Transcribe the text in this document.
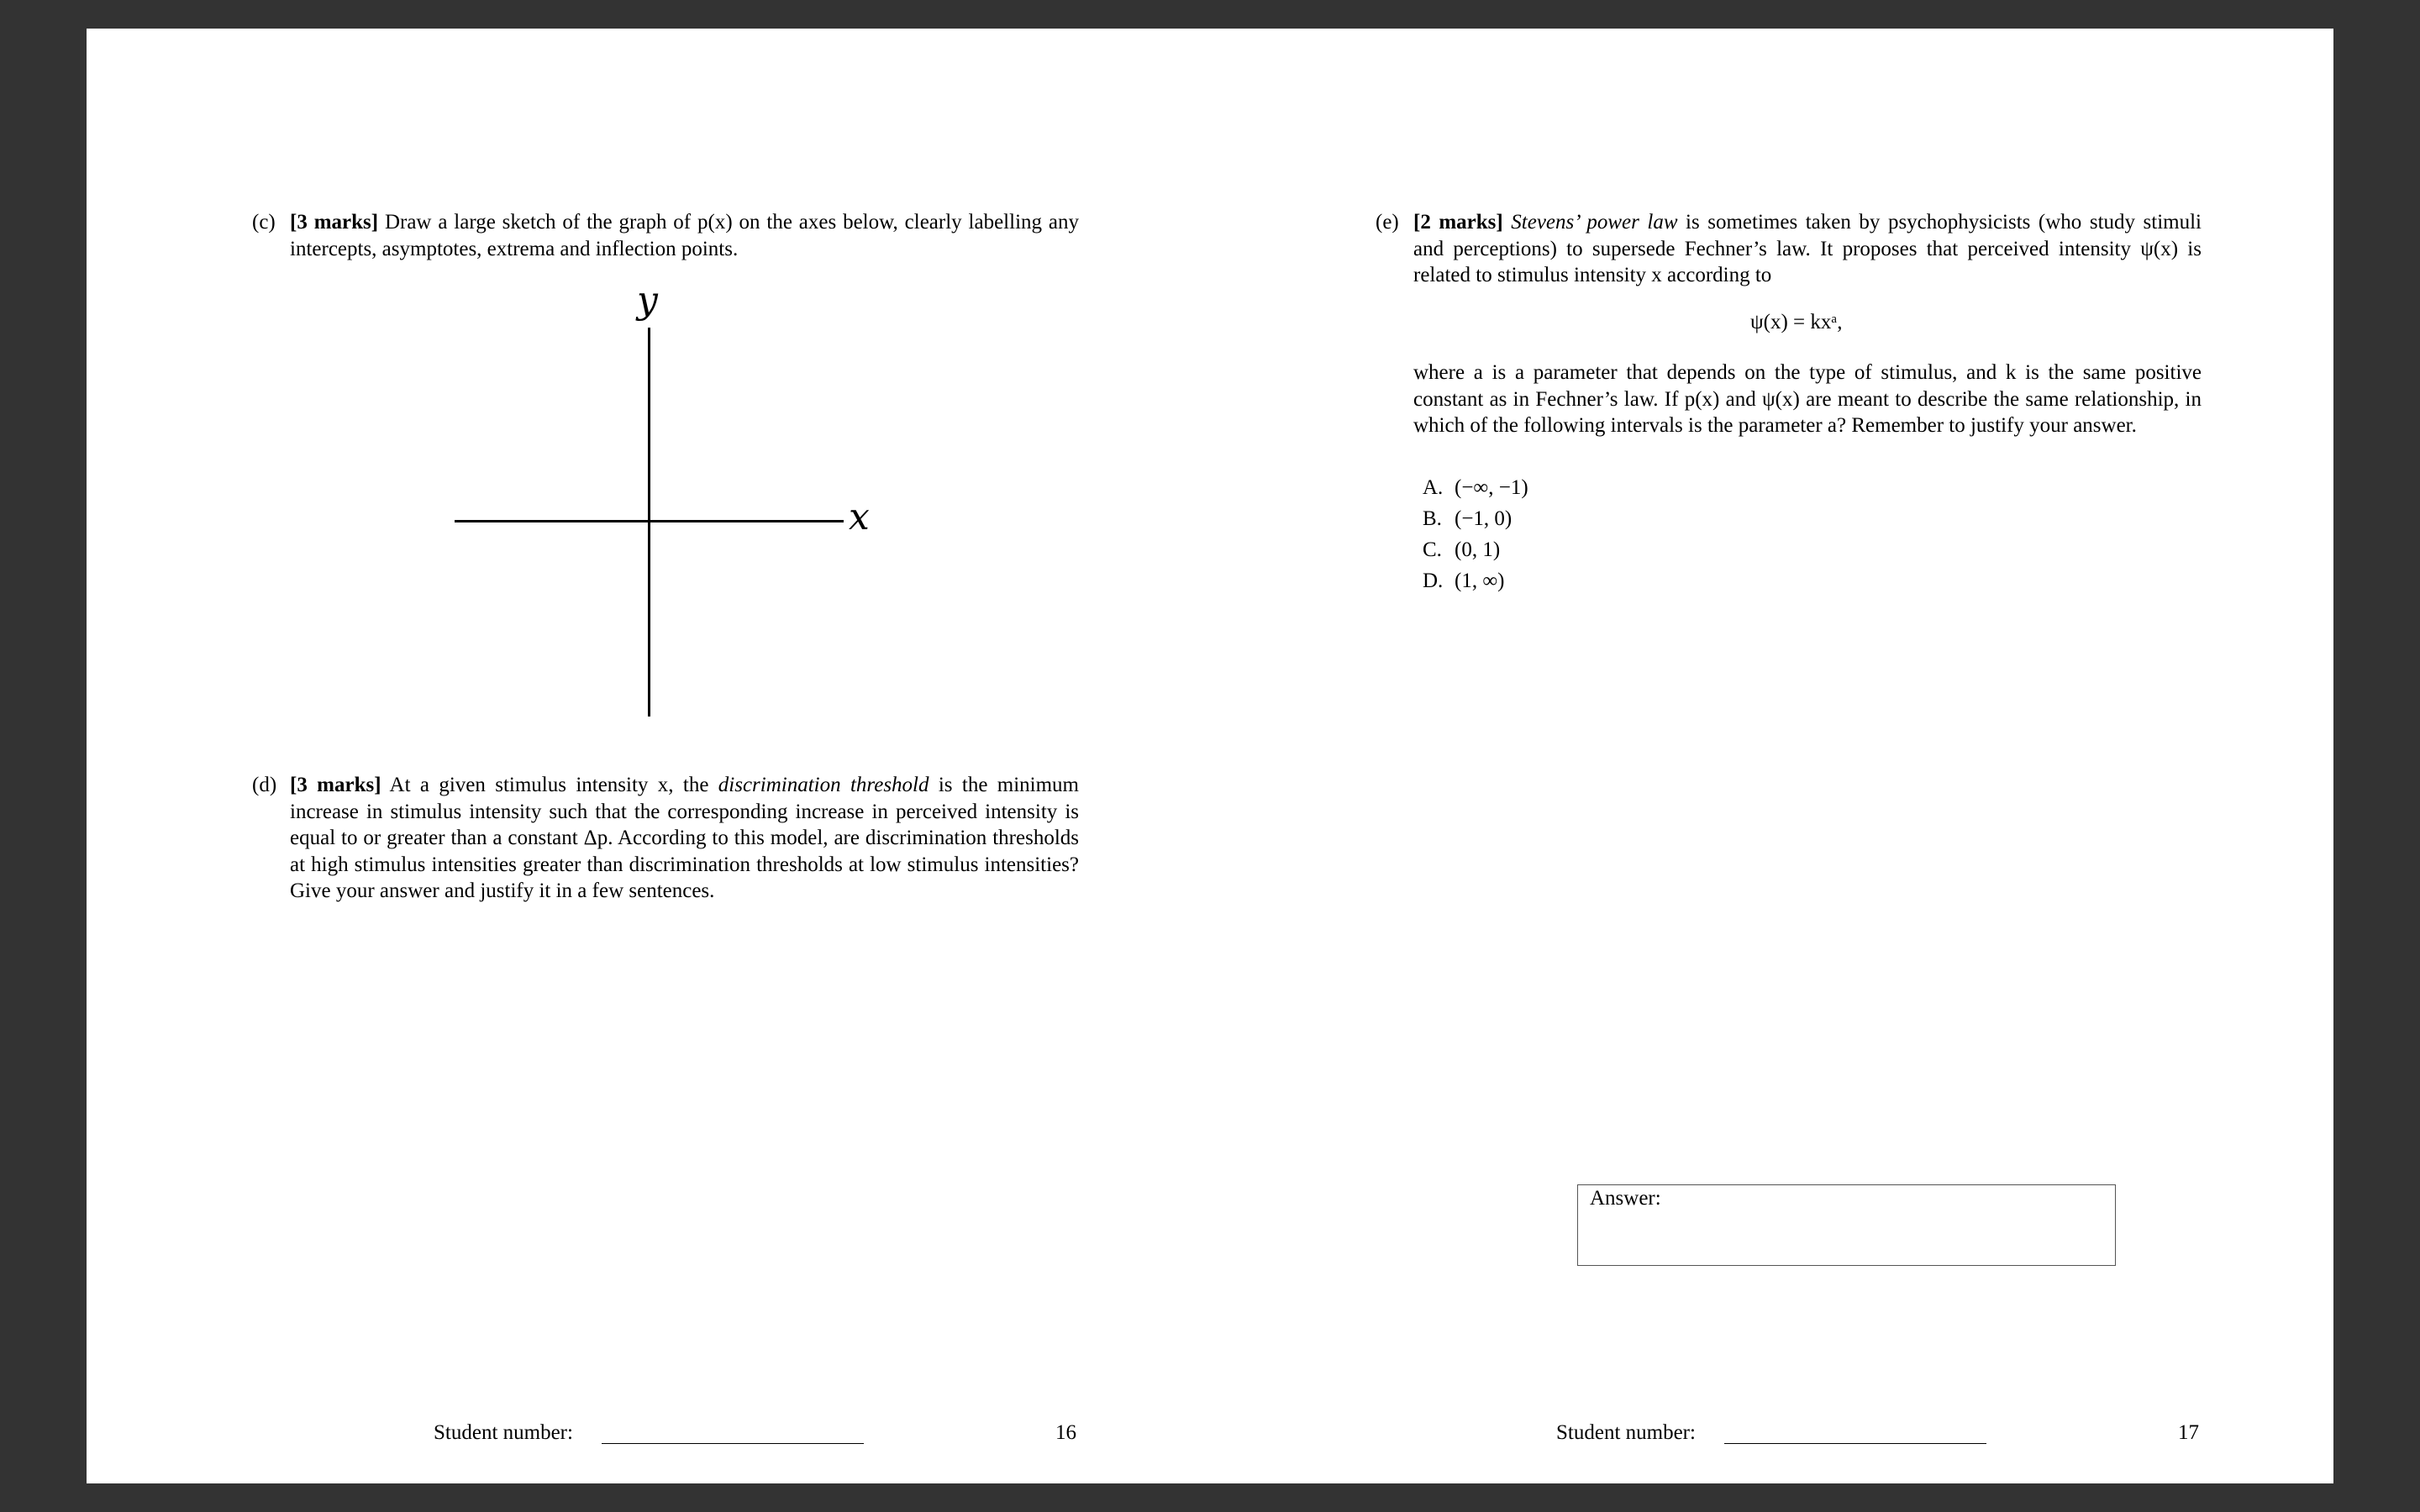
(c) [3 marks] Draw a large sketch of the graph of p(x) on the axes below, clearly labelling any intercepts, asymptotes, extrema and inflection points.
y
x
(d) [3 marks] At a given stimulus intensity x, the discrimination threshold is the minimum increase in stimulus intensity such that the corresponding increase in perceived intensity is equal to or greater than a constant Δp. According to this model, are discrimination thresholds at high stimulus intensities greater than discrimination thresholds at low stimulus intensities? Give your answer and justify it in a few sentences.
Student number:	16
(e) [2 marks] Stevens’ power law is sometimes taken by psychophysicists (who study stimuli and perceptions) to supersede Fechner’s law. It proposes that perceived intensity ψ(x) is related to stimulus intensity x according to
ψ(x) = kxᵃ,
where a is a parameter that depends on the type of stimulus, and k is the same positive constant as in Fechner’s law. If p(x) and ψ(x) are meant to describe the same relationship, in which of the following intervals is the parameter a? Remember to justify your answer.
A. (−∞, −1)
B. (−1, 0)
C. (0, 1)
D. (1, ∞)
Answer:
Student number:	17
